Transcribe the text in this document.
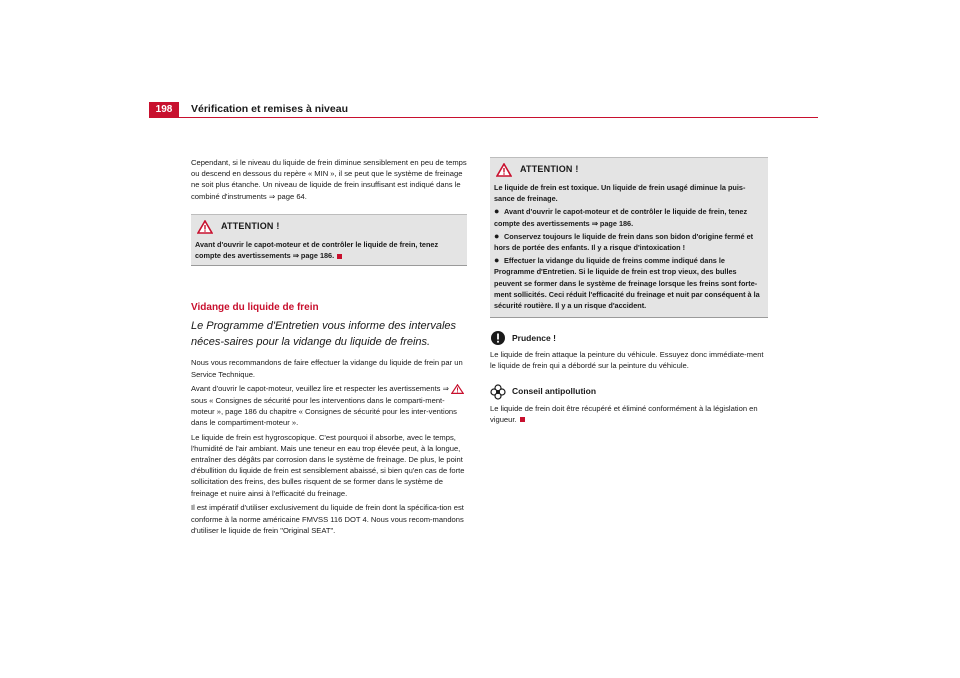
198	Vérification et remises à niveau

Cependant, si le niveau du liquide de frein diminue sensiblement en peu de temps ou descend en dessous du repère « MIN », il se peut que le système de freinage ne soit plus étanche. Un niveau de liquide de frein insuffisant est indiqué dans le combiné d'instruments ⇒ page 64.

ATTENTION !
Avant d'ouvrir le capot-moteur et de contrôler le liquide de frein, tenez compte des avertissements ⇒ page 186.
Vidange du liquide de frein
Le Programme d'Entretien vous informe des intervales néces-saires pour la vidange du liquide de freins.

Nous vous recommandons de faire effectuer la vidange du liquide de frein par un Service Technique.

Avant d'ouvrir le capot-moteur, veuillez lire et respecter les avertissements ⇒sous « Consignes de sécurité pour les interventions dans le comparti-ment-moteur », page 186 du chapitre « Consignes de sécurité pour les inter-ventions dans le compartiment-moteur ».

Le liquide de frein est hygroscopique. C'est pourquoi il absorbe, avec le temps, l'humidité de l'air ambiant. Mais une teneur en eau trop élevée peut, à la longue, entraîner des dégâts par corrosion dans le système de freinage. De plus, le point d'ébullition du liquide de frein est sensiblement abaissé, si bien qu'en cas de forte sollicitation des freins, des bulles risquent de se former dans le système de freinage et nuire ainsi à l'efficacité du freinage.

Il est impératif d'utiliser exclusivement du liquide de frein dont la spécifica-tion est conforme à la norme américaine FMVSS 116 DOT 4. Nous vous recom-mandons d'utiliser le liquide de frein "Original SEAT".

ATTENTION !
Le liquide de frein est toxique. Un liquide de frein usagé diminue la puis-sance de freinage.
● Avant d'ouvrir le capot-moteur et de contrôler le liquide de frein, tenez compte des avertissements ⇒ page 186.
● Conservez toujours le liquide de frein dans son bidon d'origine fermé et hors de portée des enfants. Il y a risque d'intoxication !
● Effectuer la vidange du liquide de freins comme indiqué dans le Programme d'Entretien. Si le liquide de frein est trop vieux, des bulles peuvent se former dans le système de freinage lorsque les freins sont forte-ment sollicités. Ceci réduit l'efficacité du freinage et nuit par conséquent à la sécurité routière. Il y a un risque d'accident.
Prudence !

Le liquide de frein attaque la peinture du véhicule. Essuyez donc immédiate-ment le liquide de frein qui a débordé sur la peinture du véhicule.

Conseil antipollution

Le liquide de frein doit être récupéré et éliminé conformément à la législation en vigueur.
